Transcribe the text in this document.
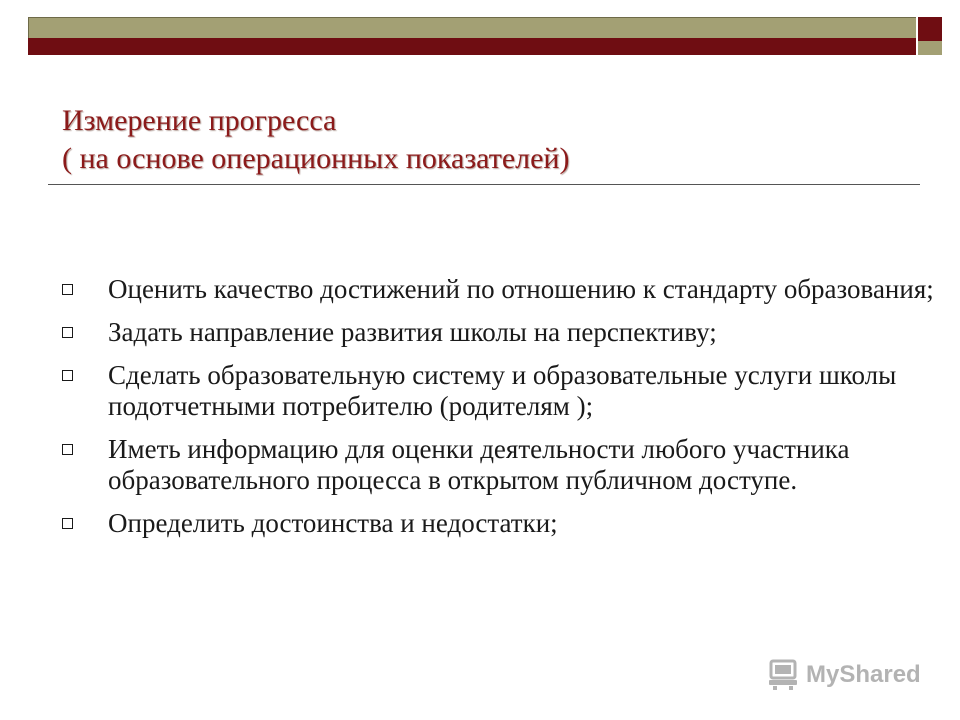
Измерение прогресса
( на основе операционных показателей)
Оценить качество достижений по отношению к стандарту образования;
Задать направление развития школы на перспективу;
Сделать образовательную систему и образовательные услуги школы подотчетными потребителю (родителям );
Иметь информацию для оценки деятельности любого участника образовательного процесса в открытом публичном доступе.
Определить достоинства и недостатки;
MyShared
